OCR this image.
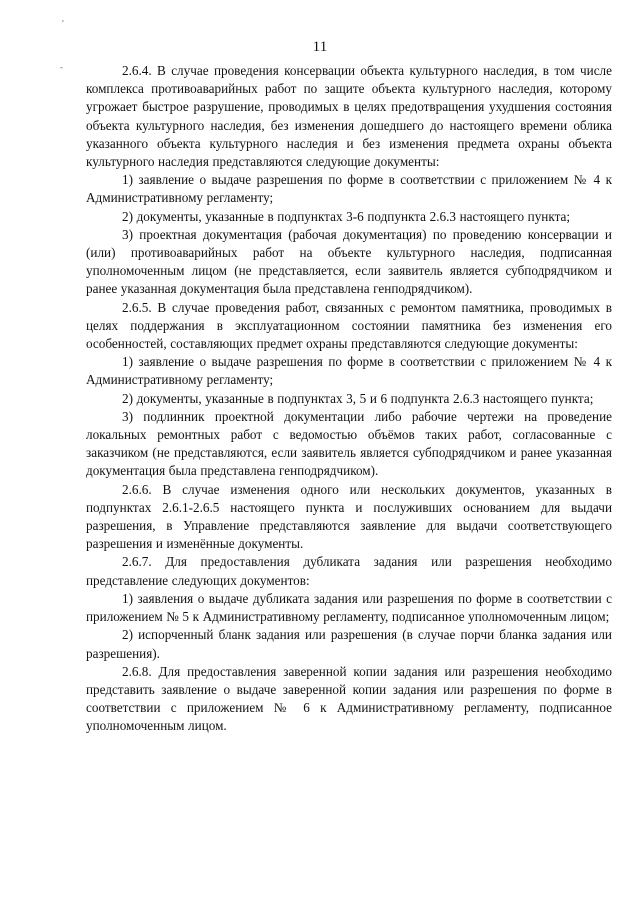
'
-
11

2.6.4. В случае проведения консервации объекта культурного наследия, в том числе комплекса противоаварийных работ по защите объекта культурного наследия, которому угрожает быстрое разрушение, проводимых в целях предотвращения ухудшения состояния объекта культурного наследия, без изменения дошедшего до настоящего времени облика указанного объекта культурного наследия и без изменения предмета охраны объекта культурного наследия представляются следующие документы:

1) заявление о выдаче разрешения по форме в соответствии с приложением № 4 к Административному регламенту;

2) документы, указанные в подпунктах 3-6 подпункта 2.6.3 настоящего пункта;

3) проектная документация (рабочая документация) по проведению консервации и (или) противоаварийных работ на объекте культурного наследия, подписанная уполномоченным лицом (не представляется, если заявитель является субподрядчиком и ранее указанная документация была представлена генподрядчиком).

2.6.5. В случае проведения работ, связанных с ремонтом памятника, проводимых в целях поддержания в эксплуатационном состоянии памятника без изменения его особенностей, составляющих предмет охраны представляются следующие документы:

1) заявление о выдаче разрешения по форме в соответствии с приложением № 4 к Административному регламенту;

2) документы, указанные в подпунктах 3, 5 и 6 подпункта 2.6.3 настоящего пункта;

3) подлинник проектной документации либо рабочие чертежи на проведение локальных ремонтных работ с ведомостью объёмов таких работ, согласованные с заказчиком (не представляются, если заявитель является субподрядчиком и ранее указанная документация была представлена генподрядчиком).

2.6.6. В случае изменения одного или нескольких документов, указанных в подпунктах 2.6.1-2.6.5 настоящего пункта и послуживших основанием для выдачи разрешения, в Управление представляются заявление для выдачи соответствующего разрешения и изменённые документы.

2.6.7. Для предоставления дубликата задания или разрешения необходимо представление следующих документов:

1) заявления о выдаче дубликата задания или разрешения по форме в соответствии с приложением № 5 к Административному регламенту, подписанное уполномоченным лицом;

2) испорченный бланк задания или разрешения (в случае порчи бланка задания или разрешения).

2.6.8. Для предоставления заверенной копии задания или разрешения необходимо представить заявление о выдаче заверенной копии задания или разрешения по форме в соответствии с приложением № 6 к Административному регламенту, подписанное уполномоченным лицом.
